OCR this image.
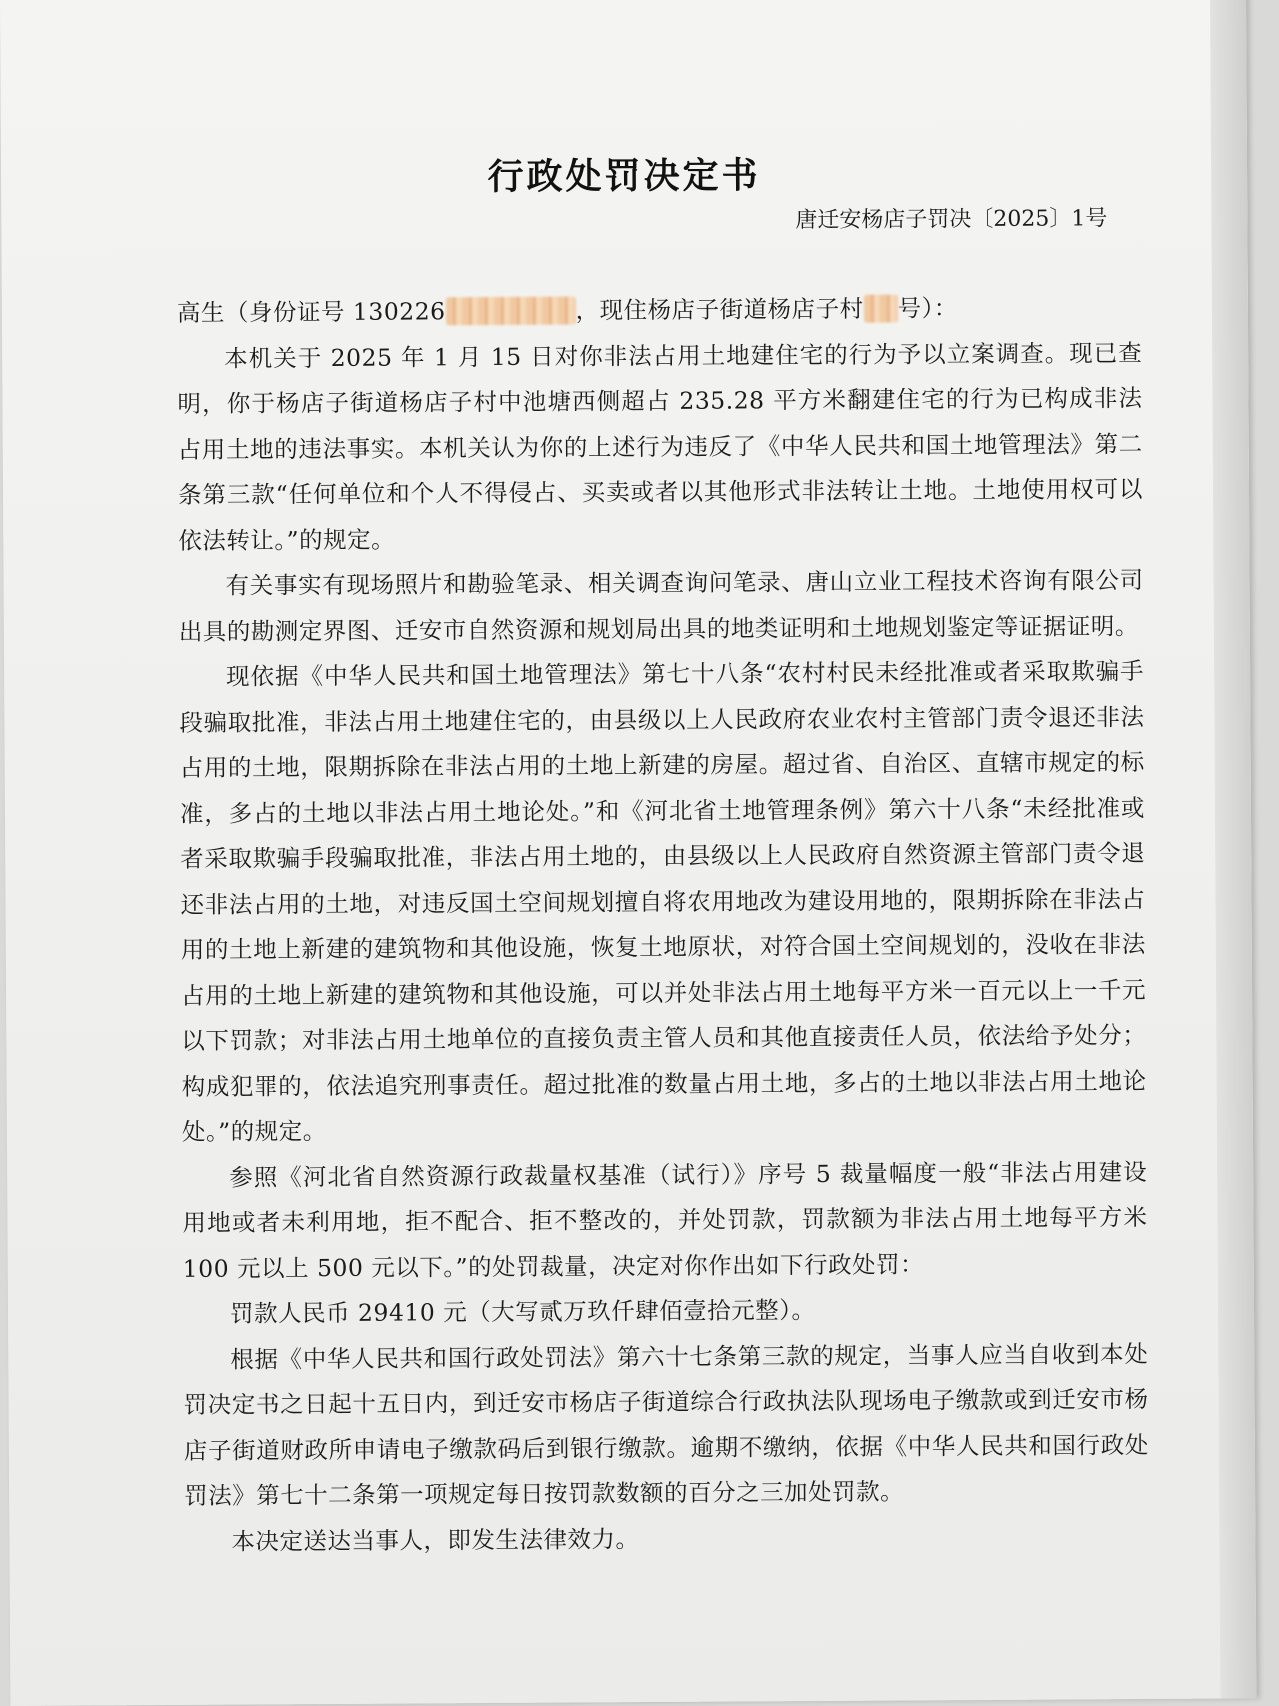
行政处罚决定书
唐迁安杨店子罚决〔2025〕1号

高生（身份证号 130226	，现住杨店子街道杨店子村 号）：

本机关于 2025 年 1 月 15 日对你非法占用土地建住宅的行为予以立案调查。现已查明，你于杨店子街道杨店子村中池塘西侧超占 235.28 平方米翻建住宅的行为已构成非法占用土地的违法事实。本机关认为你的上述行为违反了《中华人民共和国土地管理法》第二条第三款“任何单位和个人不得侵占、买卖或者以其他形式非法转让土地。土地使用权可以依法转让。”的规定。

有关事实有现场照片和勘验笔录、相关调查询问笔录、唐山立业工程技术咨询有限公司出具的勘测定界图、迁安市自然资源和规划局出具的地类证明和土地规划鉴定等证据证明。

现依据《中华人民共和国土地管理法》第七十八条“农村村民未经批准或者采取欺骗手段骗取批准，非法占用土地建住宅的，由县级以上人民政府农业农村主管部门责令退还非法占用的土地，限期拆除在非法占用的土地上新建的房屋。超过省、自治区、直辖市规定的标准，多占的土地以非法占用土地论处。”和《河北省土地管理条例》第六十八条“未经批准或者采取欺骗手段骗取批准，非法占用土地的，由县级以上人民政府自然资源主管部门责令退还非法占用的土地，对违反国土空间规划擅自将农用地改为建设用地的，限期拆除在非法占用的土地上新建的建筑物和其他设施，恢复土地原状，对符合国土空间规划的，没收在非法占用的土地上新建的建筑物和其他设施，可以并处非法占用土地每平方米一百元以上一千元以下罚款；对非法占用土地单位的直接负责主管人员和其他直接责任人员，依法给予处分；构成犯罪的，依法追究刑事责任。超过批准的数量占用土地，多占的土地以非法占用土地论处。”的规定。

参照《河北省自然资源行政裁量权基准（试行）》序号 5 裁量幅度一般“非法占用建设用地或者未利用地，拒不配合、拒不整改的，并处罚款，罚款额为非法占用土地每平方米 100 元以上 500 元以下。”的处罚裁量，决定对你作出如下行政处罚：

罚款人民币 29410 元（大写贰万玖仟肆佰壹拾元整）。

根据《中华人民共和国行政处罚法》第六十七条第三款的规定，当事人应当自收到本处罚决定书之日起十五日内，到迁安市杨店子街道综合行政执法队现场电子缴款或到迁安市杨店子街道财政所申请电子缴款码后到银行缴款。逾期不缴纳，依据《中华人民共和国行政处罚法》第七十二条第一项规定每日按罚款数额的百分之三加处罚款。

本决定送达当事人，即发生法律效力。
